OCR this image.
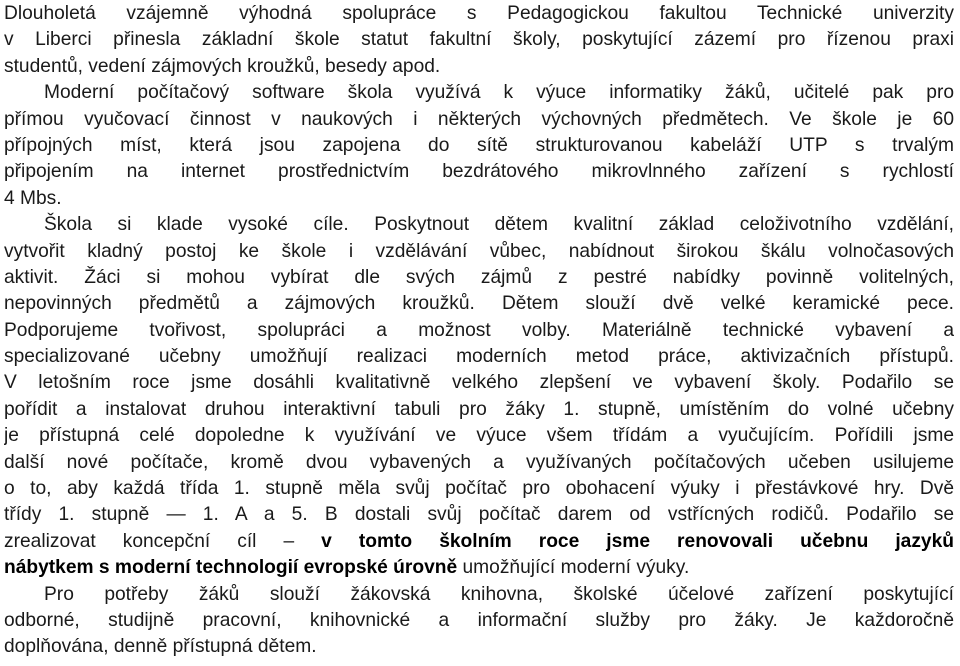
Dlouholetá vzájemně výhodná spolupráce s Pedagogickou fakultou Technické univerzity
v Liberci přinesla základní škole statut fakultní školy, poskytující zázemí pro řízenou praxi
studentů, vedení zájmových kroužků, besedy apod.
Moderní počítačový software škola využívá k výuce informatiky žáků, učitelé pak pro
přímou vyučovací činnost v naukových i některých výchovných předmětech. Ve škole je 60
přípojných míst, která jsou zapojena do sítě strukturovanou kabeláží UTP s trvalým
připojením na internet prostřednictvím bezdrátového mikrovlnného zařízení s rychlostí
4 Mbs.
Škola si klade vysoké cíle. Poskytnout dětem kvalitní základ celoživotního vzdělání,
vytvořit kladný postoj ke škole i vzdělávání vůbec, nabídnout širokou škálu volnočasových
aktivit. Žáci si mohou vybírat dle svých zájmů z pestré nabídky povinně volitelných,
nepovinných předmětů a zájmových kroužků. Dětem slouží dvě velké keramické pece.
Podporujeme tvořivost, spolupráci a možnost volby. Materiálně technické vybavení a
specializované učebny umožňují realizaci moderních metod práce, aktivizačních přístupů.
V letošním roce jsme dosáhli kvalitativně velkého zlepšení ve vybavení školy. Podařilo se
pořídit a instalovat druhou interaktivní tabuli pro žáky 1. stupně, umístěním do volné učebny
je přístupná celé dopoledne k využívání ve výuce všem třídám a vyučujícím. Pořídili jsme
další nové počítače, kromě dvou vybavených a využívaných počítačových učeben usilujeme
o to, aby každá třída 1. stupně měla svůj počítač pro obohacení výuky i přestávkové hry. Dvě
třídy 1. stupně — 1. A a 5. B dostali svůj počítač darem od vstřícných rodičů. Podařilo se
zrealizovat koncepční cíl – v tomto školním roce jsme renovovali učebnu jazyků
nábytkem s moderní technologií evropské úrovně umožňující moderní výuky.
Pro potřeby žáků slouží žákovská knihovna, školské účelové zařízení poskytující
odborné, studijně pracovní, knihovnické a informační služby pro žáky. Je každoročně
doplňována, denně přístupná dětem.
